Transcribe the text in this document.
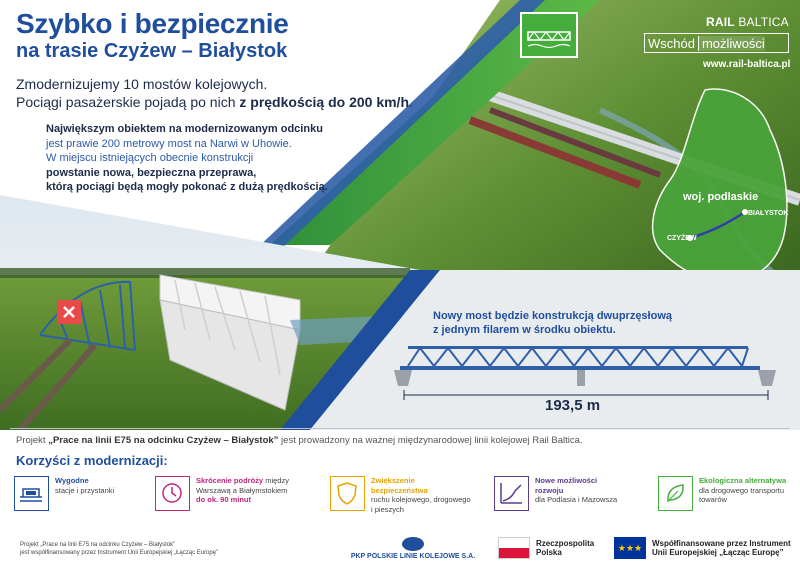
Szybko i bezpiecznie
na trasie Czyżew – Białystok
Zmodernizujemy 10 mostów kolejowych.
Pociągi pasażerskie pojadą po nich z prędkością do 200 km/h.
Największym obiektem na modernizowanym odcinku
jest prawie 200 metrowy most na Narwi w Uhowie.
W miejscu istniejących obecnie konstrukcji
powstanie nowa, bezpieczna przeprawa,
którą pociągi będą mogły pokonać z dużą prędkością.
RAIL BALTICA
Wschód możliwości
www.rail-baltica.pl
woj. podlaskie
BIAŁYSTOK
CZYŻEW
Nowy most będzie konstrukcją dwuprzęsłową
z jednym filarem w środku obiektu.
193,5 m
Projekt „Prace na linii E75 na odcinku Czyżew – Białystok” jest prowadzony na ważnej międzynarodowej linii kolejowej Rail Baltica.
Korzyści z modernizacji:
Wygodne
stacje i przystanki
Skrócenie podróży między Warszawą a Białymstokiem
do ok. 90 minut
Zwiększenie bezpieczeństwa
ruchu kolejowego, drogowego i pieszych
Nowe możliwości rozwoju
dla Podlasia i Mazowsza
Ekologiczna alternatywa
dla drogowego transportu towarów
Projekt „Prace na linii E75 na odcinku Czyżew – Białystok”
jest współfinansowany przez Instrument Unii Europejskiej „Łącząc Europę”	PKP POLSKIE LINIE KOLEJOWE S.A.
Rzeczpospolita
Polska	★★★	Współfinansowane przez Instrument
Unii Europejskiej „Łącząc Europę”
